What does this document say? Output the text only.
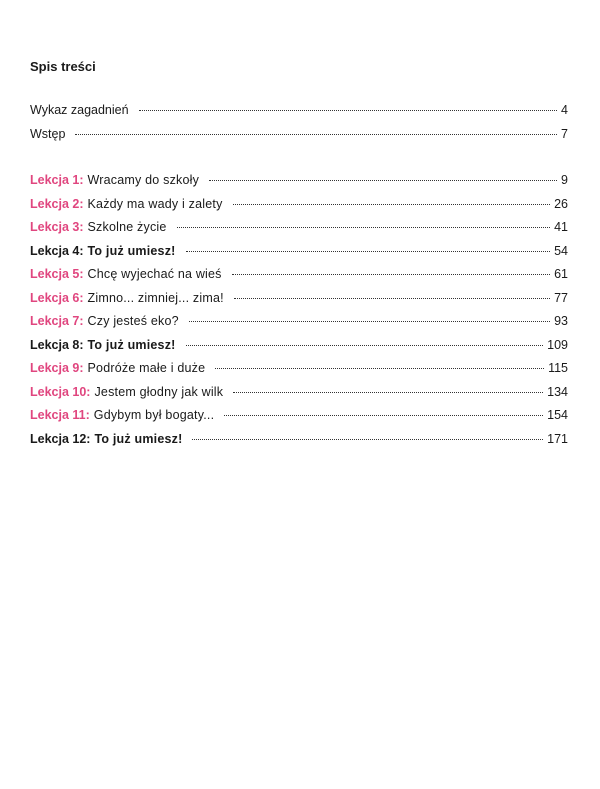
Spis treści
Wykaz zagadnień	4
Wstęp	7
Lekcja 1: Wracamy do szkoły	9
Lekcja 2: Każdy ma wady i zalety	26
Lekcja 3: Szkolne życie	41
Lekcja 4: To już umiesz!	54
Lekcja 5: Chcę wyjechać na wieś	61
Lekcja 6: Zimno... zimniej... zima!	77
Lekcja 7: Czy jesteś eko?	93
Lekcja 8: To już umiesz!	109
Lekcja 9: Podróże małe i duże	115
Lekcja 10: Jestem głodny jak wilk	134
Lekcja 11: Gdybym był bogaty...	154
Lekcja 12: To już umiesz!	171
